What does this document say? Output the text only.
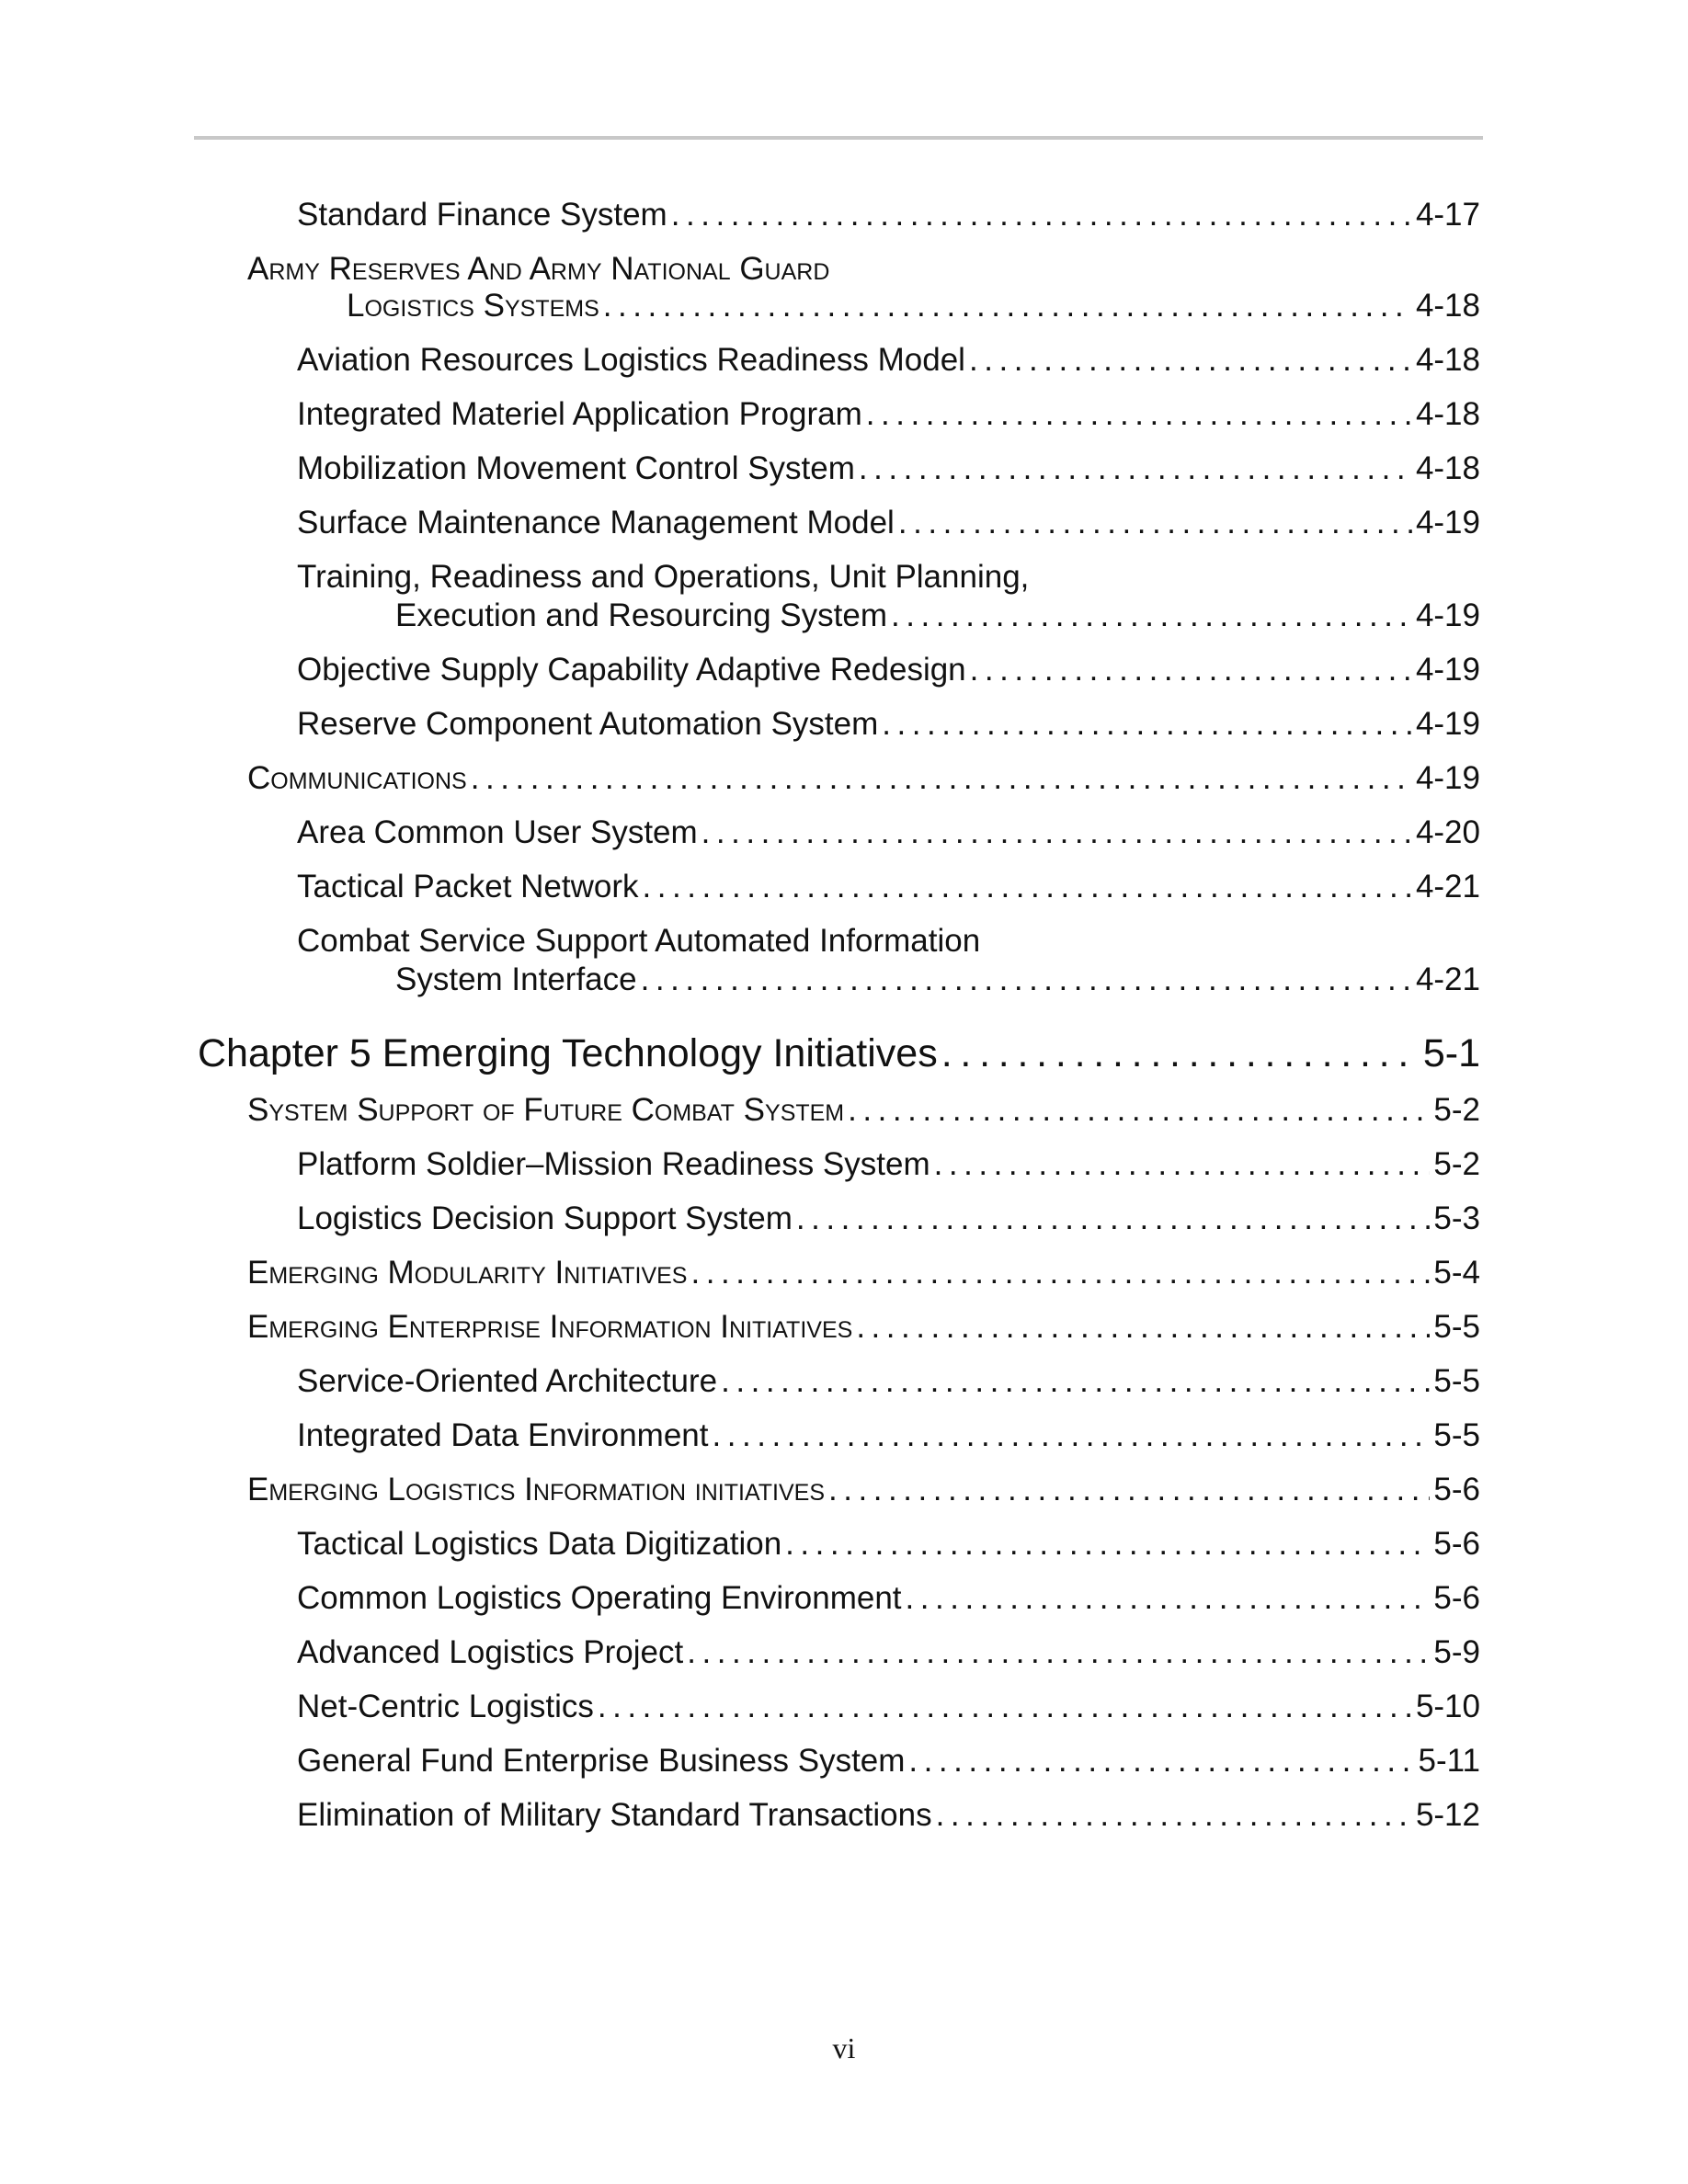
Standard Finance System . . .	4-17
Army Reserves And Army National Guard
Logistics Systems . . .	4-18
Aviation Resources Logistics Readiness Model . . .	4-18
Integrated Materiel Application Program . . .	4-18
Mobilization Movement Control System . . .	4-18
Surface Maintenance Management Model . . .	4-19
Training, Readiness and Operations, Unit Planning,
Execution and Resourcing System . . .	4-19
Objective Supply Capability Adaptive Redesign . . .	4-19
Reserve Component Automation System . . .	4-19
Communications . . .	4-19
Area Common User System . . .	4-20
Tactical Packet Network . . .	4-21
Combat Service Support Automated Information
System Interface . . .	4-21
Chapter 5 Emerging Technology Initiatives . . .	5-1
System Support of Future Combat System . . .	5-2
Platform Soldier–Mission Readiness System . . .	5-2
Logistics Decision Support System . . .	5-3
Emerging Modularity Initiatives . . .	5-4
Emerging Enterprise Information Initiatives . . .	5-5
Service-Oriented Architecture . . .	5-5
Integrated Data Environment . . .	5-5
Emerging Logistics Information initiatives . . .	5-6
Tactical Logistics Data Digitization . . .	5-6
Common Logistics Operating Environment . . .	5-6
Advanced Logistics Project . . .	5-9
Net-Centric Logistics . . .	5-10
General Fund Enterprise Business System . . .	5-11
Elimination of Military Standard Transactions . . .	5-12
vi
